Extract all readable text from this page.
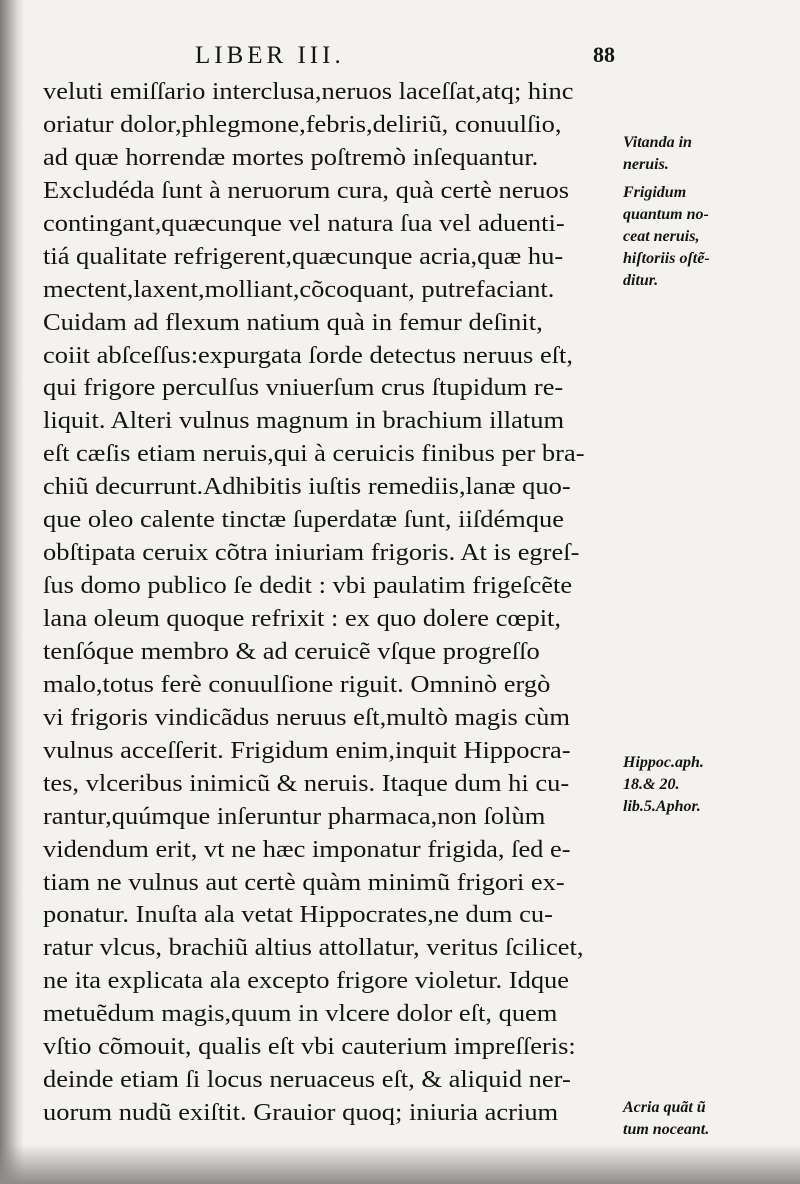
LIBER III.	88
veluti emiſſario interclusa,neruos laceſſat,atq; hinc
oriatur dolor,phlegmone,febris,deliriũ, conuulſio,
ad quæ horrendæ mortes poſtremò inſequantur.
Excludéda ſunt à neruorum cura, quà certè neruos
contingant,quæcunque vel natura ſua vel aduenti-
tiá qualitate refrigerent,quæcunque acria,quæ hu-
mectent,laxent,molliant,cõcoquant, putrefaciant.
Cuidam ad flexum natium quà in femur deſinit,
coiit abſceſſus:expurgata ſorde detectus neruus eſt,
qui frigore perculſus vniuerſum crus ſtupidum re-
liquit. Alteri vulnus magnum in brachium illatum
eſt cæſis etiam neruis,qui à ceruicis finibus per bra-
chiũ decurrunt.Adhibitis iuſtis remediis,lanæ quo-
que oleo calente tinctæ ſuperdatæ ſunt, iiſdémque
obſtipata ceruix cõtra iniuriam frigoris. At is egreſ-
ſus domo publico ſe dedit : vbi paulatim frigeſcẽte
lana oleum quoque refrixit : ex quo dolere cœpit,
tenſóque membro & ad ceruicẽ vſque progreſſo
malo,totus ferè conuulſione riguit. Omninò ergò
vi frigoris vindicãdus neruus eſt,multò magis cùm
vulnus acceſſerit. Frigidum enim,inquit Hippocra-
tes, vlceribus inimicũ & neruis. Itaque dum hi cu-
rantur,quúmque inſeruntur pharmaca,non ſolùm
videndum erit, vt ne hæc imponatur frigida, ſed e-
tiam ne vulnus aut certè quàm minimũ frigori ex-
ponatur. Inuſta ala vetat Hippocrates,ne dum cu-
ratur vlcus, brachiũ altius attollatur, veritus ſcilicet,
ne ita explicata ala excepto frigore violetur. Idque
metuẽdum magis,quum in vlcere dolor eſt, quem
vſtio cõmouit, qualis eſt vbi cauterium impreſſeris:
deinde etiam ſi locus neruaceus eſt, & aliquid ner-
uorum nudũ exiſtit. Grauior quoq; iniuria acrium
Vitanda in
neruis.
Frigidum
quantum no-
ceat neruis,
hiſtoriis oſtẽ-
ditur.
Hippoc.aph.
18.& 20.
lib.5.Aphor.
Acria quãt ũ
tum noceant.
